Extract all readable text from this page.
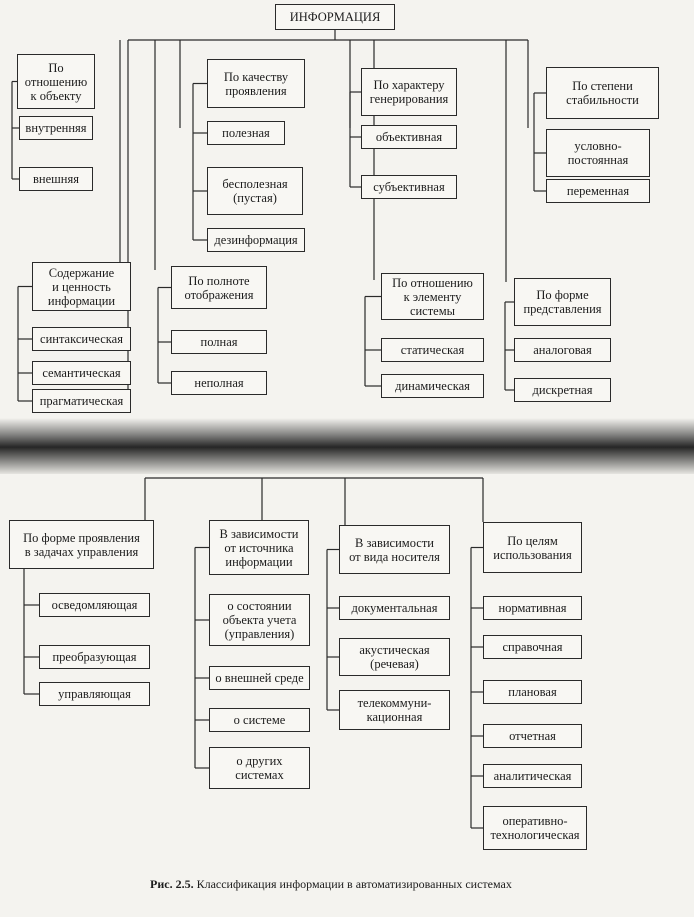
ИНФОРМАЦИЯ
По
отношению
к объекту
внутренняя
внешняя
По качеству
проявления
полезная
бесполезная
(пустая)
дезинформация
По характеру
генерирования
объективная
субъективная
По степени
стабильности
условно-
постоянная
переменная
Содержание
и ценность
информации
синтаксическая
семантическая
прагматическая
По полноте
отображения
полная
неполная
По отношению
к элементу
системы
статическая
динамическая
По форме
представления
аналоговая
дискретная
По форме проявления
в задачах управления
осведомляющая
преобразующая
управляющая
В зависимости
от источника
информации
о состоянии
объекта учета
(управления)
о внешней среде
о системе
о других
системах
В зависимости
от вида носителя
документальная
акустическая
(речевая)
телекоммуни-
кационная
По целям
использования
нормативная
справочная
плановая
отчетная
аналитическая
оперативно-
технологическая
Рис. 2.5. Классификация информации в автоматизированных системах
